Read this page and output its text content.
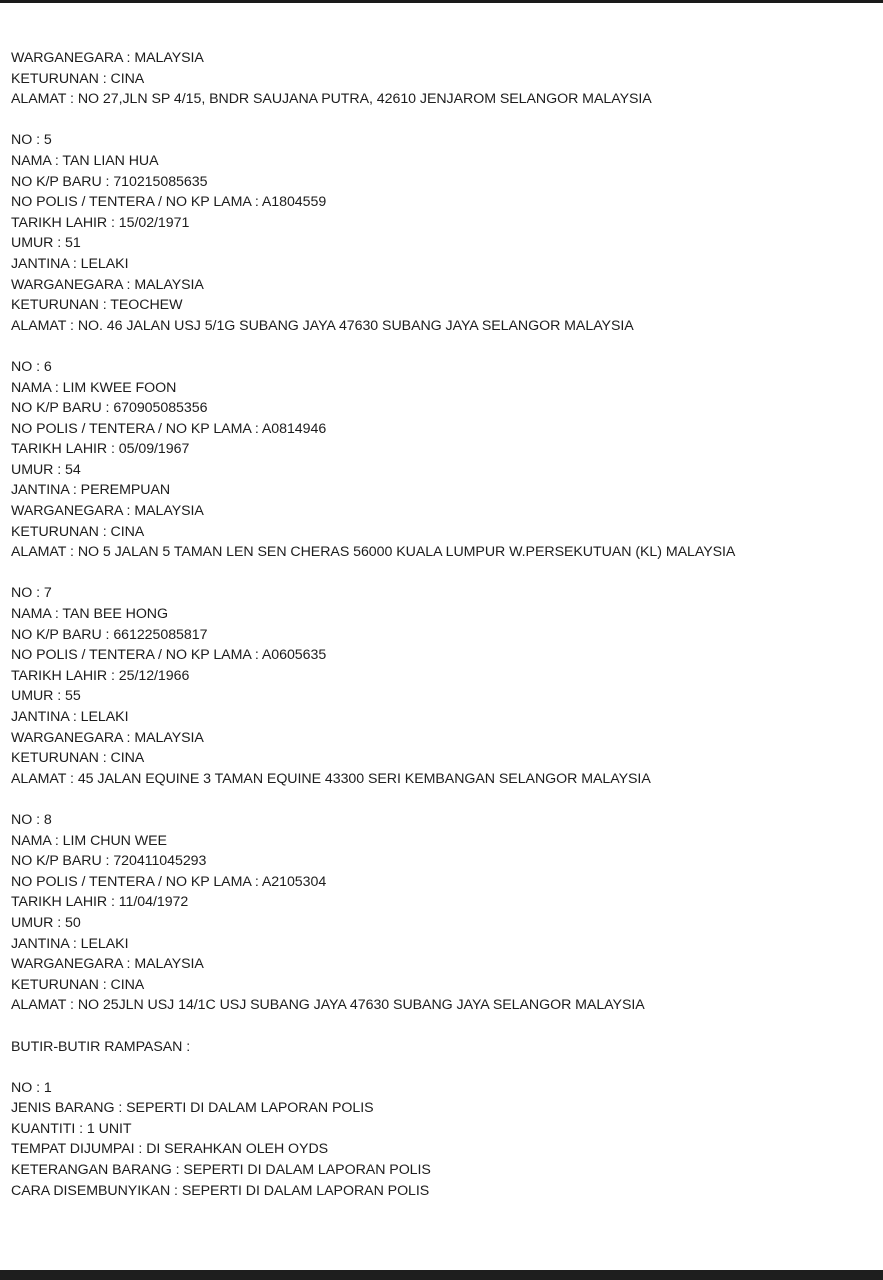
WARGANEGARA : MALAYSIA
KETURUNAN : CINA
ALAMAT : NO 27,JLN SP 4/15, BNDR SAUJANA PUTRA, 42610 JENJAROM SELANGOR MALAYSIA
NO : 5
NAMA : TAN LIAN HUA
NO K/P BARU : 710215085635
NO POLIS / TENTERA / NO KP LAMA : A1804559
TARIKH LAHIR : 15/02/1971
UMUR : 51
JANTINA : LELAKI
WARGANEGARA : MALAYSIA
KETURUNAN : TEOCHEW
ALAMAT : NO. 46 JALAN USJ 5/1G SUBANG JAYA 47630 SUBANG JAYA SELANGOR MALAYSIA
NO : 6
NAMA : LIM KWEE FOON
NO K/P BARU : 670905085356
NO POLIS / TENTERA / NO KP LAMA : A0814946
TARIKH LAHIR : 05/09/1967
UMUR : 54
JANTINA : PEREMPUAN
WARGANEGARA : MALAYSIA
KETURUNAN : CINA
ALAMAT : NO 5 JALAN 5 TAMAN LEN SEN CHERAS 56000 KUALA LUMPUR W.PERSEKUTUAN (KL) MALAYSIA
NO : 7
NAMA : TAN BEE HONG
NO K/P BARU : 661225085817
NO POLIS / TENTERA / NO KP LAMA : A0605635
TARIKH LAHIR : 25/12/1966
UMUR : 55
JANTINA : LELAKI
WARGANEGARA : MALAYSIA
KETURUNAN : CINA
ALAMAT : 45 JALAN EQUINE 3 TAMAN EQUINE 43300 SERI KEMBANGAN SELANGOR MALAYSIA
NO : 8
NAMA : LIM CHUN WEE
NO K/P BARU : 720411045293
NO POLIS / TENTERA / NO KP LAMA : A2105304
TARIKH LAHIR : 11/04/1972
UMUR : 50
JANTINA : LELAKI
WARGANEGARA : MALAYSIA
KETURUNAN : CINA
ALAMAT : NO 25JLN USJ 14/1C USJ SUBANG JAYA 47630 SUBANG JAYA SELANGOR MALAYSIA
BUTIR-BUTIR RAMPASAN :
NO : 1
JENIS BARANG : SEPERTI DI DALAM LAPORAN POLIS
KUANTITI : 1 UNIT
TEMPAT DIJUMPAI : DI SERAHKAN OLEH OYDS
KETERANGAN BARANG : SEPERTI DI DALAM LAPORAN POLIS
CARA DISEMBUNYIKAN : SEPERTI DI DALAM LAPORAN POLIS
